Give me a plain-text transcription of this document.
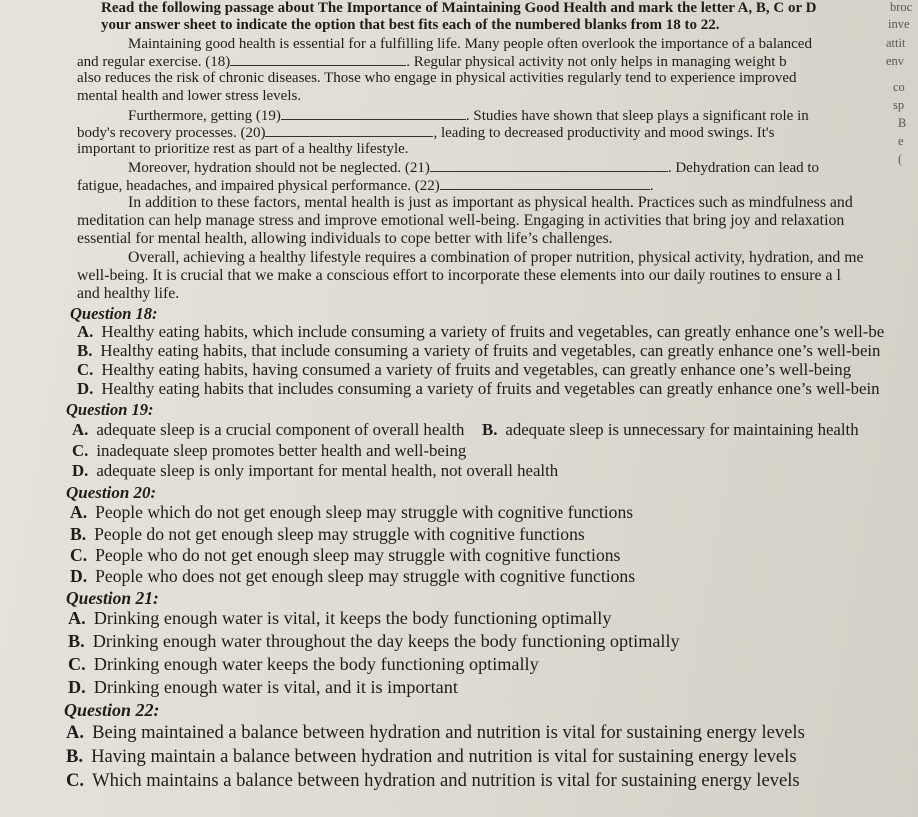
Read the following passage about The Importance of Maintaining Good Health and mark the letter A, B, C or D
your answer sheet to indicate the option that best fits each of the numbered blanks from 18 to 22.
Maintaining good health is essential for a fulfilling life. Many people often overlook the importance of a balanced
and regular exercise. (18)	. Regular physical activity not only helps in managing weight b
also reduces the risk of chronic diseases. Those who engage in physical activities regularly tend to experience improved
mental health and lower stress levels.
Furthermore, getting (19)	. Studies have shown that sleep plays a significant role in
body's recovery processes. (20)	, leading to decreased productivity and mood swings. It's
important to prioritize rest as part of a healthy lifestyle.
Moreover, hydration should not be neglected. (21)	. Dehydration can lead to
fatigue, headaches, and impaired physical performance. (22)	.
In addition to these factors, mental health is just as important as physical health. Practices such as mindfulness and
meditation can help manage stress and improve emotional well-being. Engaging in activities that bring joy and relaxation
essential for mental health, allowing individuals to cope better with life’s challenges.
Overall, achieving a healthy lifestyle requires a combination of proper nutrition, physical activity, hydration, and me
well-being. It is crucial that we make a conscious effort to incorporate these elements into our daily routines to ensure a l
and healthy life.
broc
inve
attit
env
co
sp
B
e
(
Question 18:
A. Healthy eating habits, which include consuming a variety of fruits and vegetables, can greatly enhance one’s well-be
B. Healthy eating habits, that include consuming a variety of fruits and vegetables, can greatly enhance one’s well-bein
C. Healthy eating habits, having consumed a variety of fruits and vegetables, can greatly enhance one’s well-being
D. Healthy eating habits that includes consuming a variety of fruits and vegetables can greatly enhance one’s well-bein
Question 19:
A. adequate sleep is a crucial component of overall health B. adequate sleep is unnecessary for maintaining health
C. inadequate sleep promotes better health and well-being
D. adequate sleep is only important for mental health, not overall health
Question 20:
A. People which do not get enough sleep may struggle with cognitive functions
B. People do not get enough sleep may struggle with cognitive functions
C. People who do not get enough sleep may struggle with cognitive functions
D. People who does not get enough sleep may struggle with cognitive functions
Question 21:
A. Drinking enough water is vital, it keeps the body functioning optimally
B. Drinking enough water throughout the day keeps the body functioning optimally
C. Drinking enough water keeps the body functioning optimally
D. Drinking enough water is vital, and it is important
Question 22:
A. Being maintained a balance between hydration and nutrition is vital for sustaining energy levels
B. Having maintain a balance between hydration and nutrition is vital for sustaining energy levels
C. Which maintains a balance between hydration and nutrition is vital for sustaining energy levels
